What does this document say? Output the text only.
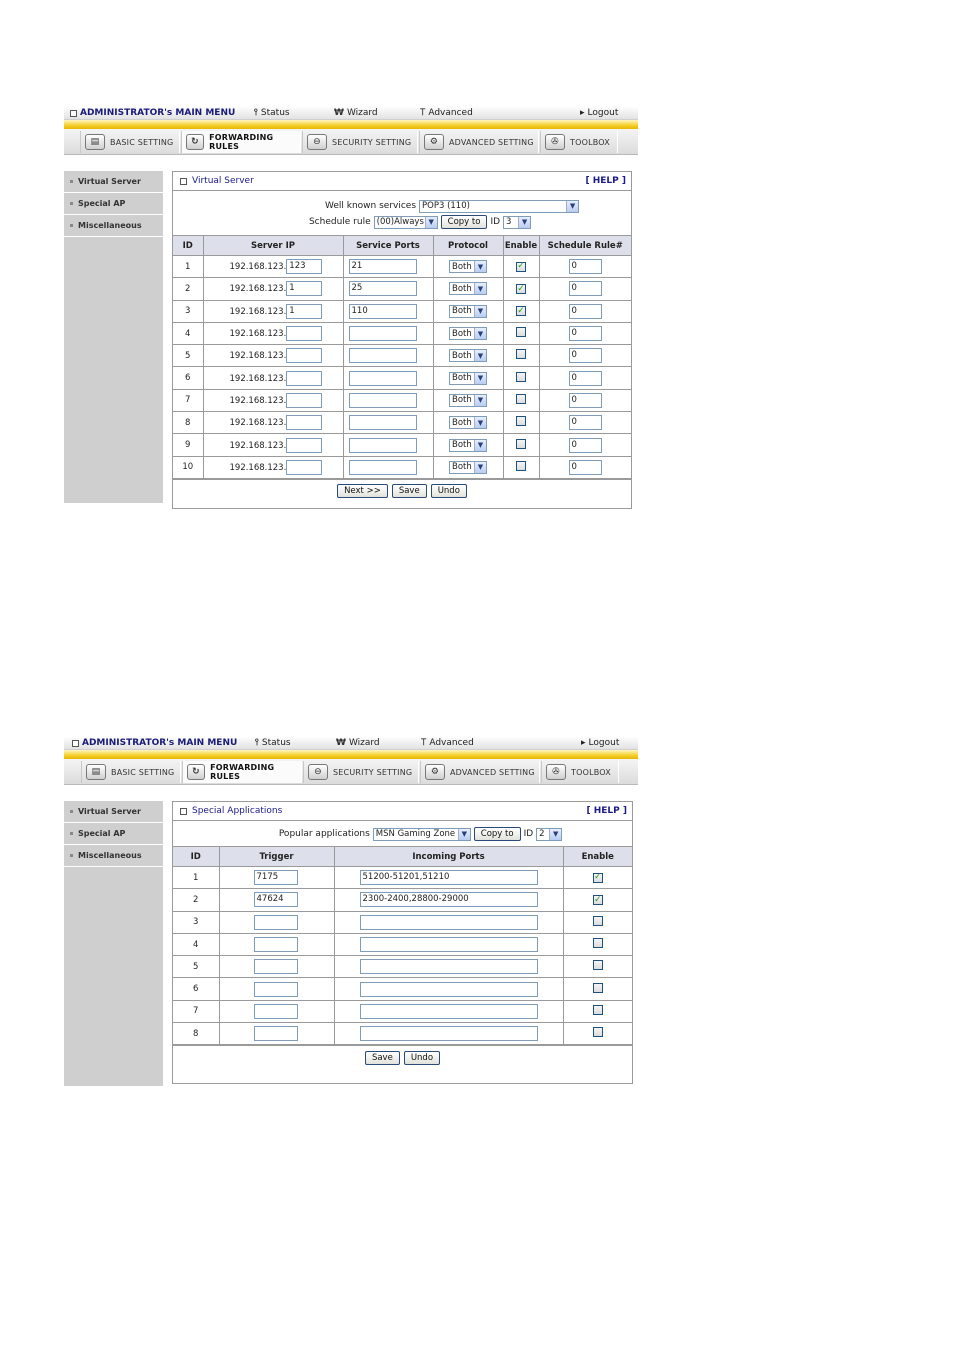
ADMINISTRATOR's MAIN MENU ⫯ Status	₩ Wizard	⟙ Advanced	▸ Logout
▤	BASIC SETTING	↻	FORWARDING RULES	⊖	SECURITY SETTING	⚙	ADVANCED SETTING	✇	TOOLBOX
Virtual Server
Special AP
Miscellaneous
Virtual Server	[ HELP ]
Well known services POP3 (110)	▼
Schedule rule (00)Always ▼	Copy to	ID 3	▼
ID	Server IP	Service Ports	Protocol	Enable	Schedule Rule#
1	192.168.123. 123	21	Both ▼	✓	0
2	192.168.123. 1	25	Both ▼	✓	0
3	192.168.123. 1	110	Both ▼	✓	0
4	192.168.123.		Both ▼		0
5	192.168.123.		Both ▼		0
6	192.168.123.		Both ▼		0
7	192.168.123.		Both ▼		0
8	192.168.123.		Both ▼		0
9	192.168.123.		Both ▼		0
10	192.168.123.		Both ▼		0
Next >>	Save	Undo
ADMINISTRATOR's MAIN MENU ⫯ Status	₩ Wizard	⟙ Advanced	▸ Logout
▤	BASIC SETTING	↻	FORWARDING RULES	⊖	SECURITY SETTING	⚙	ADVANCED SETTING	✇	TOOLBOX
Virtual Server
Special AP
Miscellaneous
Special Applications	[ HELP ]
Popular applications MSN Gaming Zone ▼	Copy to	ID 2	▼
ID	Trigger	Incoming Ports	Enable
1	7175	51200-51201,51210	✓
2	47624	2300-2400,28800-29000	✓
3			
4			
5			
6			
7			
8			
Save	Undo
